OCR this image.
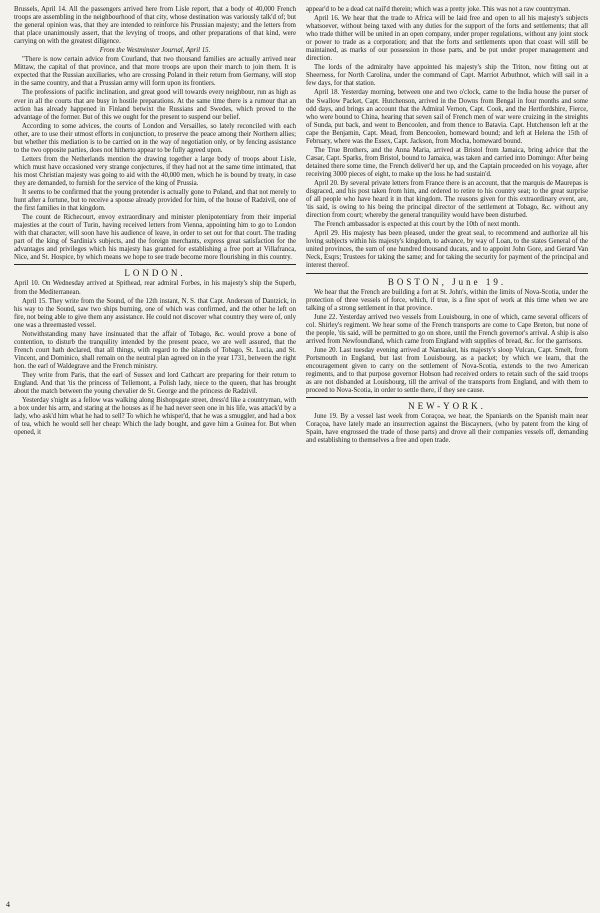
Brussels, April 14. All the passengers arrived here from Lisle report, that a body of 40,000 French troops are assembling in the neighbourhood of that city, whose destination was variously talk'd of; but the general opinion was, that they are intended to reinforce his Prussian majesty; and the letters from that place unanimously assert, that the levying of troops, and other preparations of that kind, were carrying on with the greatest diligence.

From the Westminster Journal, April 15.

"There is now certain advice from Courland, that two thousand families are actually arrived near Mittaw, the capital of that province, and that more troops are upon their march to join them. It is expected that the Russian auxiliaries, who are crossing Poland in their return from Germany, will stop in the same country, and that a Prussian army will form upon its frontiers.

The professions of pacific inclination, and great good will towards every neighbour, run as high as ever in all the courts that are busy in hostile preparations. At the same time there is a rumour that an action has already happened in Finland betwixt the Russians and Swedes, which proved to the advantage of the former. But of this we ought for the present to suspend our belief.

According to some advices, the courts of London and Versailles, so lately reconciled with each other, are to use their utmost efforts in conjunction, to preserve the peace among their Northern allies; but whether this mediation is to be carried on in the way of negotiation only, or by fencing assistance to the two opposite parties, does not hitherto appear to be fully agreed upon.

Letters from the Netherlands mention the drawing together a large body of troops about Lisle, which must have occasioned very strange conjectures, if they had not at the same time intimated, that his most Christian majesty was going to aid with the 40,000 men, which he is bound by treaty, in case they are demanded, to furnish for the service of the king of Prussia.

It seems to be confirmed that the young pretender is actually gone to Poland, and that not merely to hunt after a fortune, but to receive a spouse already provided for him, of the house of Radzivil, one of the first families in that kingdom.

The count de Richecourt, envoy extraordinary and minister plenipotentiary from their imperial majesties at the court of Turin, having received letters from Vienna, appointing him to go to London with that character, will soon have his audience of leave, in order to set out for that court. The trading part of the king of Sardinia's subjects, and the foreign merchants, express great satisfaction for the advantages and privileges which his majesty has granted for establishing a free port at Villafranca, Nice, and St. Hospice, by which means we hope to see trade become more flourishing in this country.

LONDON.

April 10. On Wednesday arrived at Spithead, rear admiral Forbes, in his majesty's ship the Superb, from the Mediterranean.

April 15. They write from the Sound, of the 12th instant, N. S. that Capt. Anderson of Dantzick, in his way to the Sound, saw two ships burning, one of which was confirmed, and the other he left on fire, not being able to give them any assistance. He could not discover what country they were of, only one was a threemasted vessel.

Notwithstanding many have insinuated that the affair of Tobago, &c. would prove a bone of contention, to disturb the tranquility intended by the present peace, we are well assured, that the French court hath declared, that all things, with regard to the islands of Tobago, St. Lucia, and St. Vincent, and Dominico, shall remain on the neutral plan agreed on in the year 1731, between the right hon. the earl of Waldegrave and the French ministry.

They write from Paris, that the earl of Sussex and lord Cathcart are preparing for their return to England. And that 'tis the princess of Tellemont, a Polish lady, niece to the queen, that has brought about the match between the young chevalier de St. George and the princess de Radzivil.

Yesterday s'night as a fellow was walking along Bishopsgate street, dress'd like a countryman, with a box under his arm, and staring at the houses as if he had never seen one in his life, was attack'd by a lady, who ask'd him what he had to sell? To which he whisper'd, that he was a smuggler, and had a box of tea, which he would sell her cheap: Which the lady bought, and gave him a Guinea for. But when opened, it

appear'd to be a dead cat nail'd therein; which was a pretty joke. This was not a raw countryman.

April 16. We hear that the trade to Africa will be laid free and open to all his majesty's subjects whatsoever, without being taxed with any duties for the support of the forts and settlements; that all who trade thither will be united in an open company, under proper regulations, without any joint stock or power to trade as a corporation; and that the forts and settlements upon that coast will still be maintained, as marks of our possession in those parts, and be put under proper management and direction.

The lords of the admiralty have appointed his majesty's ship the Triton, now fitting out at Sheerness, for North Carolina, under the command of Capt. Marriot Arbuthnot, which will sail in a few days, for that station.

April 18. Yesterday morning, between one and two o'clock, came to the India house the purser of the Swallow Packet, Capt. Hutchenson, arrived in the Downs from Bengal in four months and some odd days, and brings an account that the Admiral Vernon, Capt. Cook, and the Hertfordshire, Fierce, who were bound to China, hearing that seven sail of French men of war were cruizing in the streights of Sunda, put back, and went to Bencoolen, and from thence to Batavia. Capt. Hutchenson left at the cape the Benjamin, Capt. Mead, from Bencoolen, homeward bound; and left at Helena the 15th of February, where was the Essex, Capt. Jackson, from Mocha, homeward bound.

The True Brothers, and the Anna Maria, arrived at Bristol from Jamaica, bring advice that the Cæsar, Capt. Sparks, from Bristol, bound to Jamaica, was taken and carried into Domingo: After being detained there some time, the French deliver'd her up, and the Captain proceeded on his voyage, after receiving 3000 pieces of eight, to make up the loss he had sustain'd.

April 20. By several private letters from France there is an account, that the marquis de Maurepas is disgraced, and his post taken from him, and ordered to retire to his country seat; to the great surprise of all people who have heard it in that kingdom. The reasons given for this extraordinary event, are, 'tis said, is owing to his being the principal director of the settlement at Tobago, &c. without any direction from court; whereby the general tranquility would have been disturbed.

The French ambassador is expected at this court by the 10th of next month.

April 29. His majesty has been pleased, under the great seal, to recommend and authorize all his loving subjects within his majesty's kingdom, to advance, by way of Loan, to the states General of the united provinces, the sum of one hundred thousand ducats, and to appoint John Gore, and Gerard Van Neck, Esqrs; Trustees for taking the same; and for taking the security for payment of the principal and interest thereof.

BOSTON, June 19.

We hear that the French are building a fort at St. John's, within the limits of Nova-Scotia, under the protection of three vessels of force, which, if true, is a fine spot of work at this time when we are talking of a strong settlement in that province.

June 22. Yesterday arrived two vessels from Louisbourg, in one of which, came several officers of col. Shirley's regiment. We hear some of the French transports are come to Cape Breton, but none of the people, 'tis said, will be permitted to go on shore, until the French governor's arrival. A ship is also arrived from Newfoundland, which came from England with supplies of bread, &c. for the garrisons.

June 20. Last tuesday evening arrived at Nantasket, his majesty's sloop Vulcan, Capt. Smelt, from Portsmouth in England, but last from Louisbourg, as a packet; by which we learn, that the encouragement given to carry on the settlement of Nova-Scotia, extends to the two American regiments, and to that purpose governor Hobson had received orders to retain such of the said troops as are not disbanded at Louisbourg, till the arrival of the transports from England, and with them to proceed to Nova-Scotia, in order to settle there, if they see cause.

NEW-YORK.

June 19. By a vessel last week from Coraçoa, we hear, the Spaniards on the Spanish main near Coraçoa, have lately made an insurrection against the Biscayners, (who by patent from the king of Spain, have engrossed the trade of those parts) and drove all their companies vessels off, demanding and establishing to themselves a free and open trade.

4
